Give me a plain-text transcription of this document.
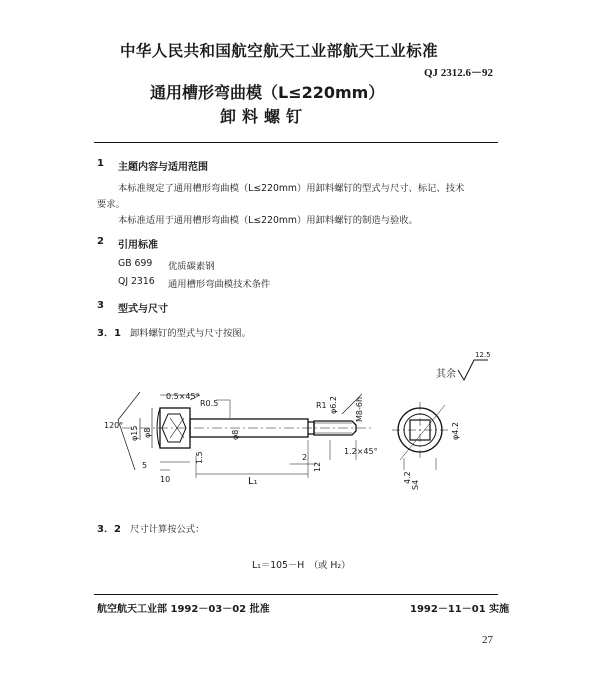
中华人民共和国航空航天工业部航天工业标准
QJ 2312.6－92
通用槽形弯曲模（L≤220mm）
卸料螺钉
1 主题内容与适用范围
本标准规定了通用槽形弯曲模（L≤220mm）用卸料螺钉的型式与尺寸、标记、技术
要求。
本标准适用于通用槽形弯曲模（L≤220mm）用卸料螺钉的制造与验收。
2 引用标准
GB 699 优质碳素钢
QJ 2316 通用槽形弯曲模技术条件
3 型式与尺寸
3．1 卸料螺钉的型式与尺寸按图。
0.5×45°
R0.5
φ15 φ8
120°
5
10
1.5
φ8
R1 φ6.2 M8-6h
2
L₁
12
1.2×45°
φ4.2
4.2
S4
其余
12.5
3．2 尺寸计算按公式：
L₁＝105－H　（或 H₂）
航空航天工业部 1992－03－02 批准	1992－11－01 实施
27
